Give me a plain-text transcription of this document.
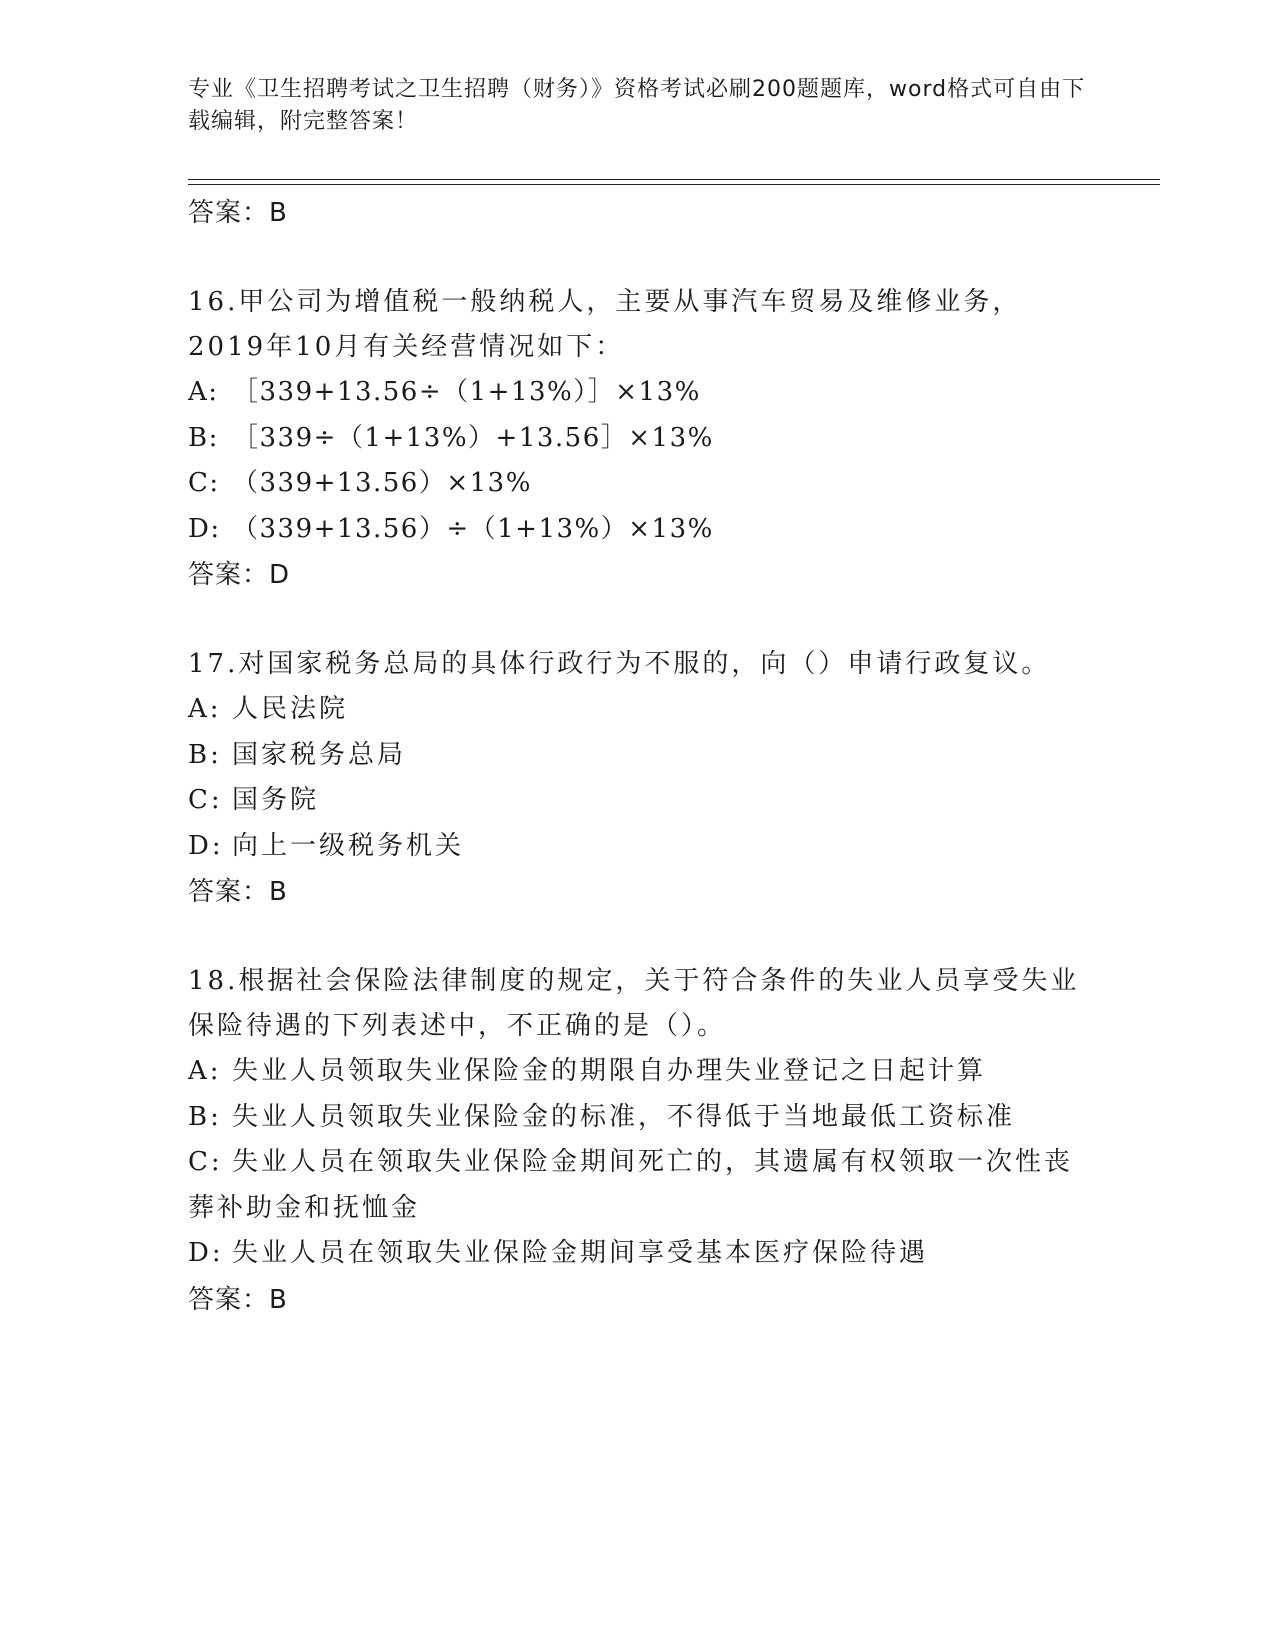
专业《卫生招聘考试之卫生招聘（财务）》资格考试必刷200题题库，word格式可自由下载编辑，附完整答案！
答案：B
16.甲公司为增值税一般纳税人，主要从事汽车贸易及维修业务，2019年10月有关经营情况如下：
A: ［339+13.56÷（1+13%）］×13%
B: ［339÷（1+13%）+13.56］×13%
C: （339+13.56）×13%
D: （339+13.56）÷（1+13%）×13%
答案：D
17.对国家税务总局的具体行政行为不服的，向（）申请行政复议。
A: 人民法院
B: 国家税务总局
C: 国务院
D: 向上一级税务机关
答案：B
18.根据社会保险法律制度的规定，关于符合条件的失业人员享受失业保险待遇的下列表述中，不正确的是（）。
A: 失业人员领取失业保险金的期限自办理失业登记之日起计算
B: 失业人员领取失业保险金的标准，不得低于当地最低工资标准
C: 失业人员在领取失业保险金期间死亡的，其遗属有权领取一次性丧葬补助金和抚恤金
D: 失业人员在领取失业保险金期间享受基本医疗保险待遇
答案：B
